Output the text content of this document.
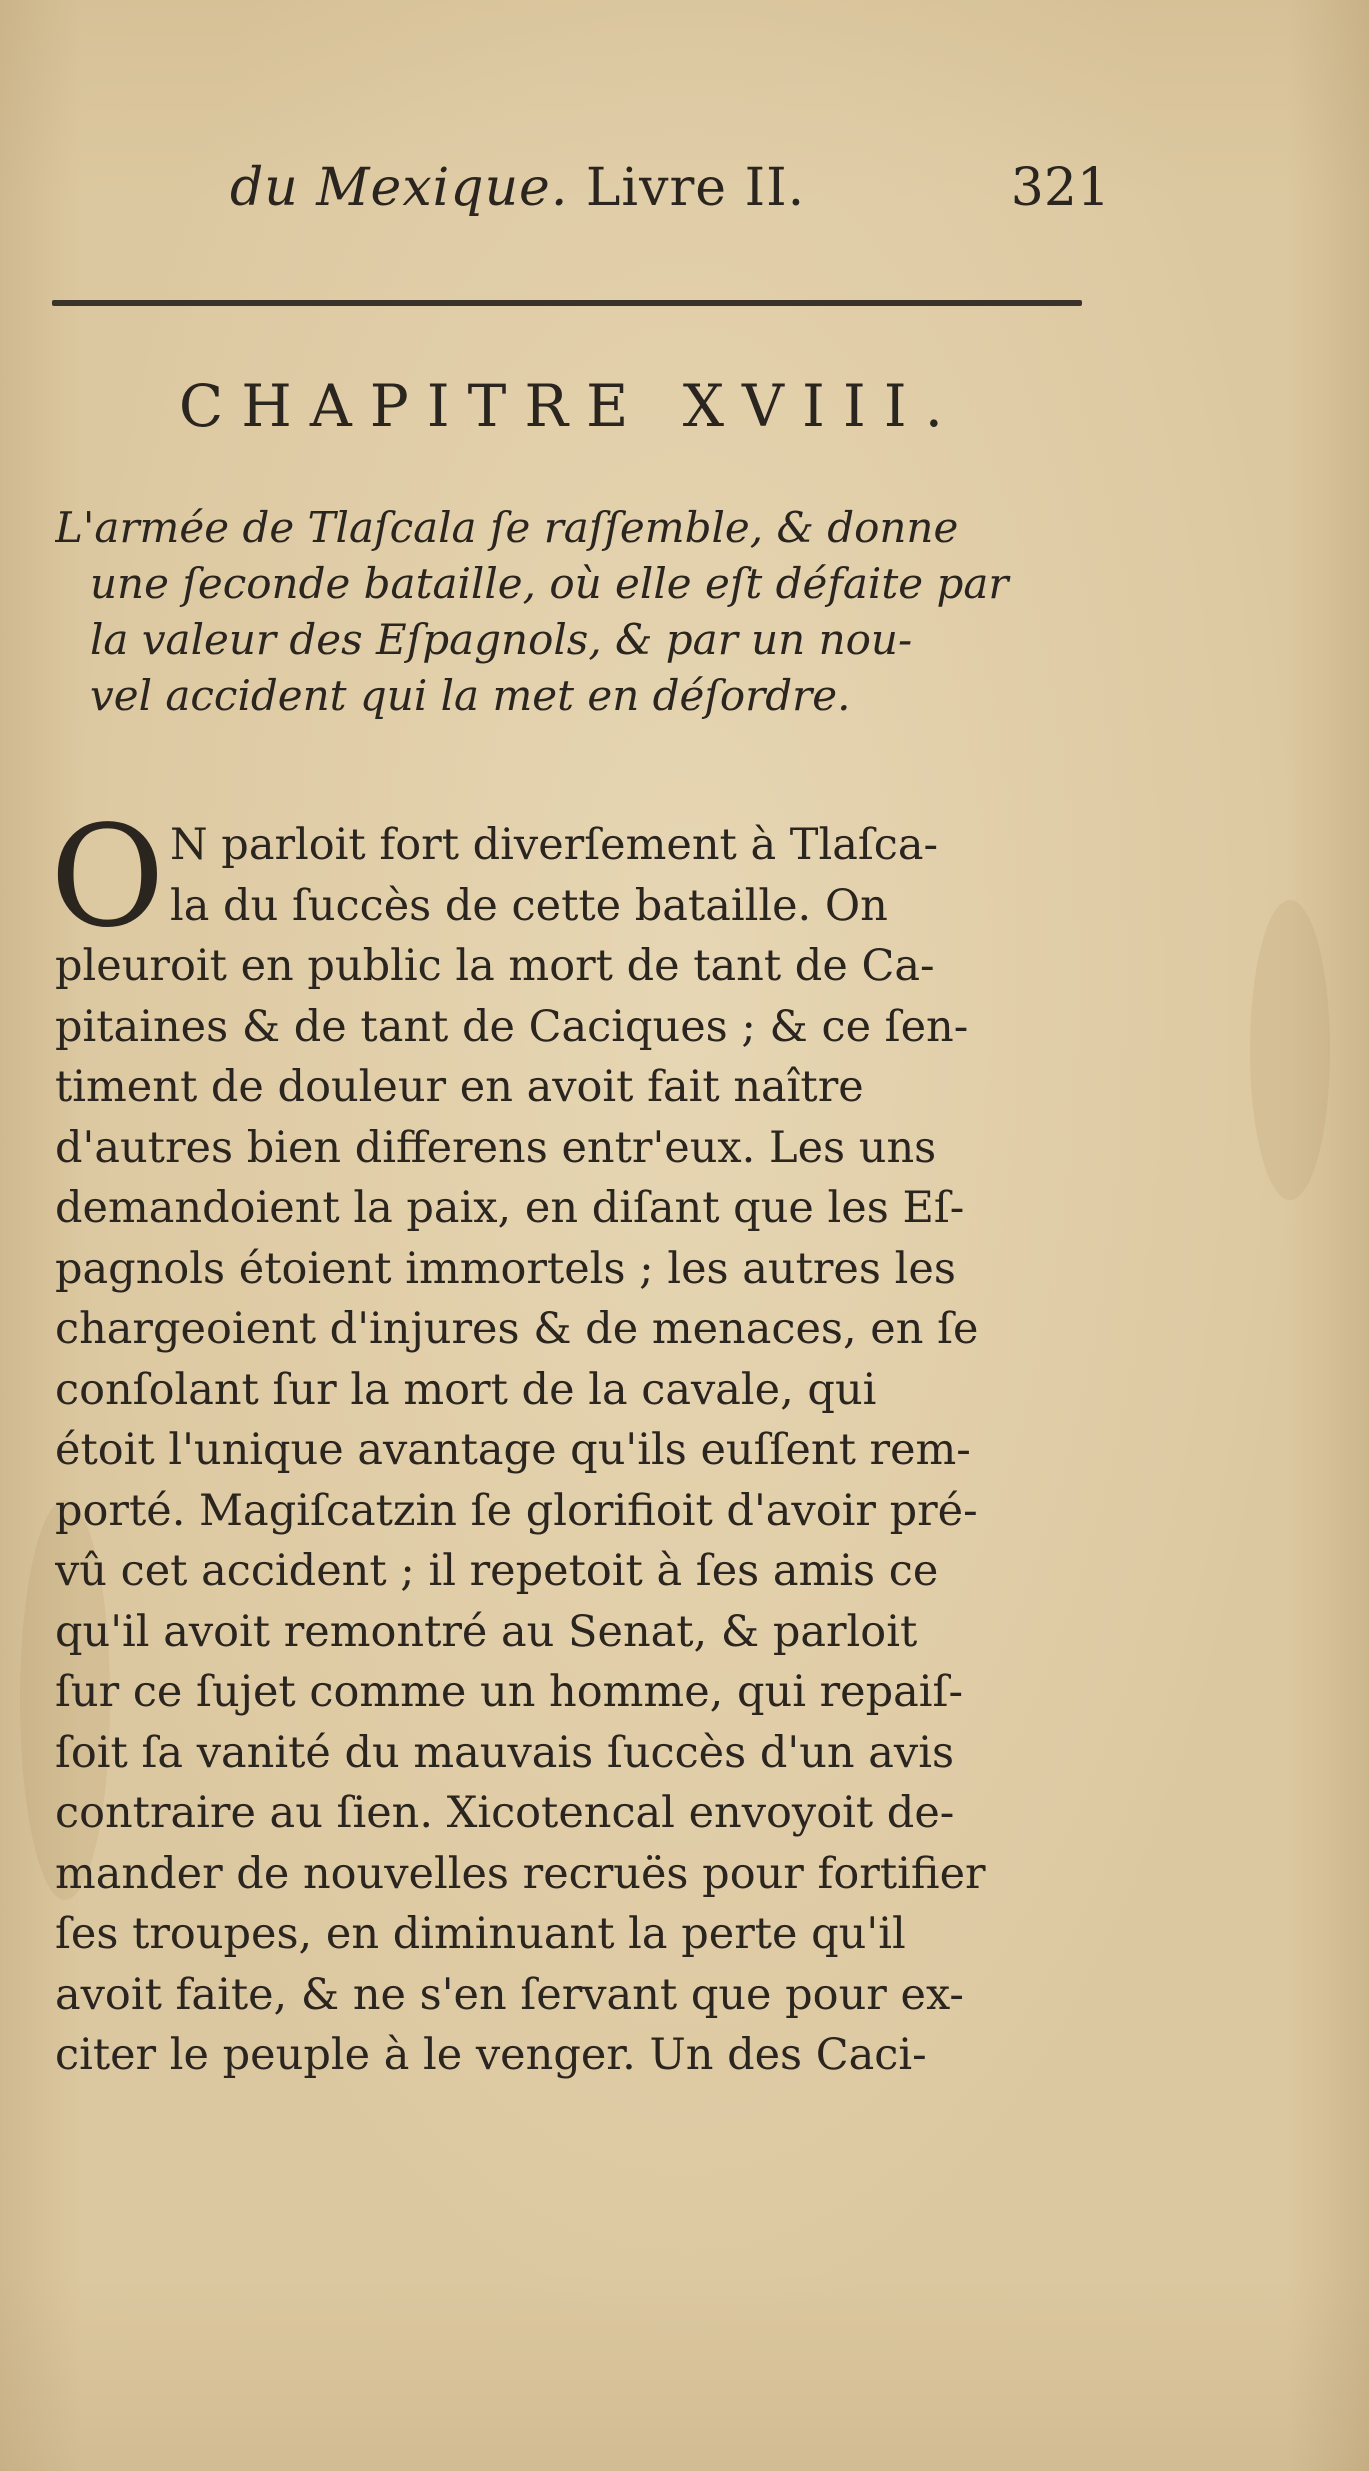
du Mexique. Livre II.	321
CHAPITRE XVIII.
L'armée de Tlaſcala ſe raſſemble, & donne
une ſeconde bataille, où elle eſt défaite par
la valeur des Eſpagnols, & par un nou-
vel accident qui la met en déſordre.
O N parloit fort diverſement à Tlaſca-
la du ſuccès de cette bataille. On
pleuroit en public la mort de tant de Ca-
pitaines & de tant de Caciques ; & ce ſen-
timent de douleur en avoit fait naître
d'autres bien differens entr'eux. Les uns
demandoient la paix, en diſant que les Eſ-
pagnols étoient immortels ; les autres les
chargeoient d'injures & de menaces, en ſe
conſolant ſur la mort de la cavale, qui
étoit l'unique avantage qu'ils euſſent rem-
porté. Magiſcatzin ſe glorifioit d'avoir pré-
vû cet accident ; il repetoit à ſes amis ce
qu'il avoit remontré au Senat, & parloit
ſur ce ſujet comme un homme, qui repaiſ-
ſoit ſa vanité du mauvais ſuccès d'un avis
contraire au ſien. Xicotencal envoyoit de-
mander de nouvelles recruës pour fortifier
ſes troupes, en diminuant la perte qu'il
avoit faite, & ne s'en ſervant que pour ex-
citer le peuple à le venger. Un des Caci-
